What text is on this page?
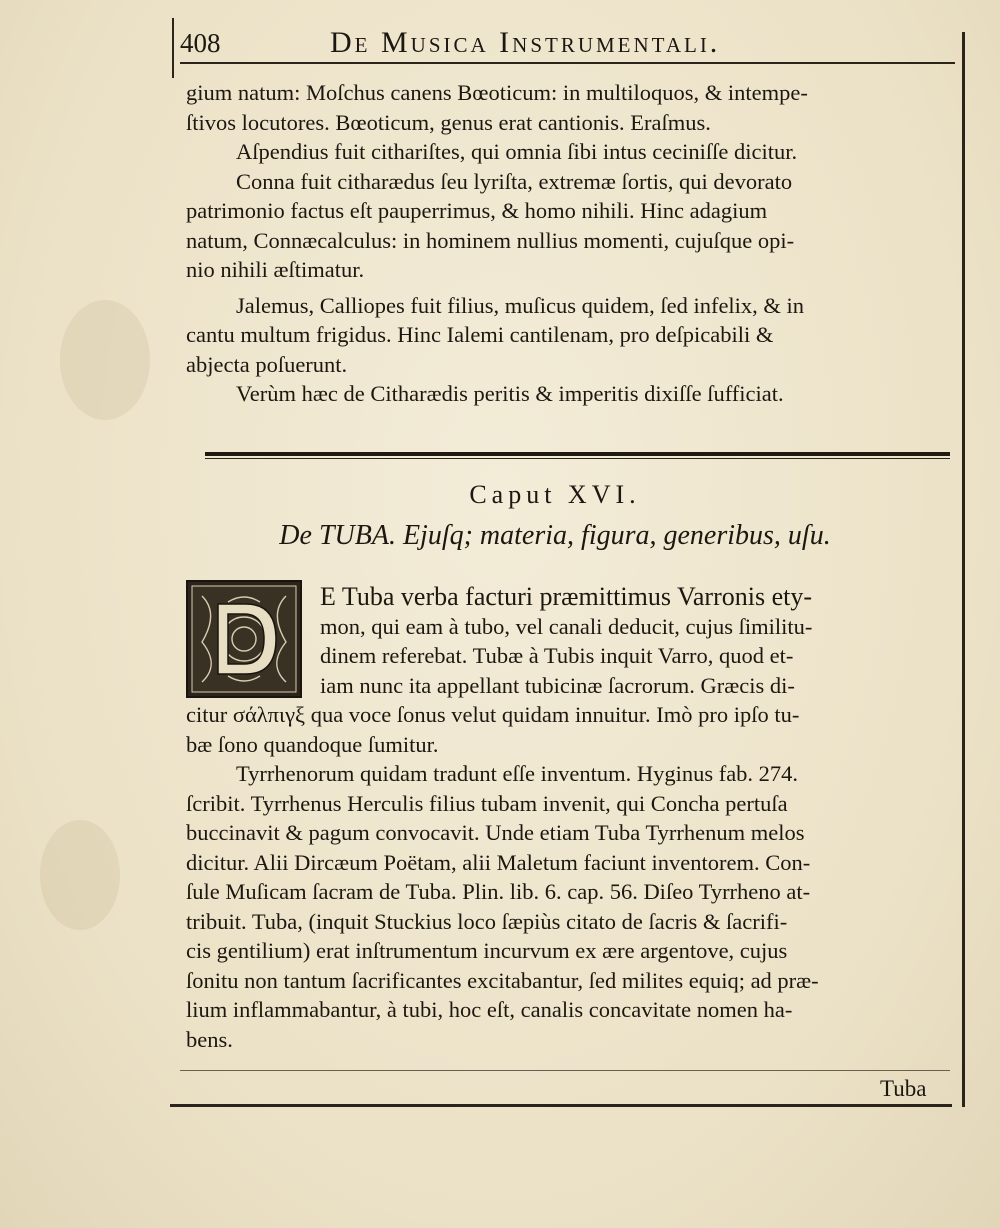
408	De Musica Instrumentali.
gium natum: Moſchus canens Bœoticum: in multiloquos, & intempe-
ſtivos locutores. Bœoticum, genus erat cantionis. Eraſmus.
Aſpendius fuit cithariſtes, qui omnia ſibi intus ceciniſſe dicitur.
Conna fuit citharædus ſeu lyriſta, extremæ ſortis, qui devorato
patrimonio factus eſt pauperrimus, & homo nihili. Hinc adagium
natum, Connæcalculus: in hominem nullius momenti, cujuſque opi-
nio nihili æſtimatur.
Jalemus, Calliopes fuit filius, muſicus quidem, ſed infelix, & in
cantu multum frigidus. Hinc Ialemi cantilenam, pro deſpicabili &
abjecta poſuerunt.
Verùm hæc de Citharædis peritis & imperitis dixiſſe ſufficiat.
Caput XVI.
De TUBA. Ejuſq; materia, figura, generibus, uſu.
E Tuba verba facturi præmittimus Varronis ety-
mon, qui eam à tubo, vel canali deducit, cujus ſimilitu-
dinem referebat. Tubæ à Tubis inquit Varro, quod et-
iam nunc ita appellant tubicinæ ſacrorum. Græcis di-
citur σάλπιγξ qua voce ſonus velut quidam innuitur. Imò pro ipſo tu-
bæ ſono quandoque ſumitur.
Tyrrhenorum quidam tradunt eſſe inventum. Hyginus fab. 274.
ſcribit. Tyrrhenus Herculis filius tubam invenit, qui Concha pertuſa
buccinavit & pagum convocavit. Unde etiam Tuba Tyrrhenum melos
dicitur. Alii Dircæum Poëtam, alii Maletum faciunt inventorem. Con-
ſule Muſicam ſacram de Tuba. Plin. lib. 6. cap. 56. Diſeo Tyrrheno at-
tribuit. Tuba, (inquit Stuckius loco ſæpiùs citato de ſacris & ſacrifi-
cis gentilium) erat inſtrumentum incurvum ex ære argentove, cujus
ſonitu non tantum ſacrificantes excitabantur, ſed milites equiq; ad præ-
lium inflammabantur, à tubi, hoc eſt, canalis concavitate nomen ha-
bens.
Tuba
